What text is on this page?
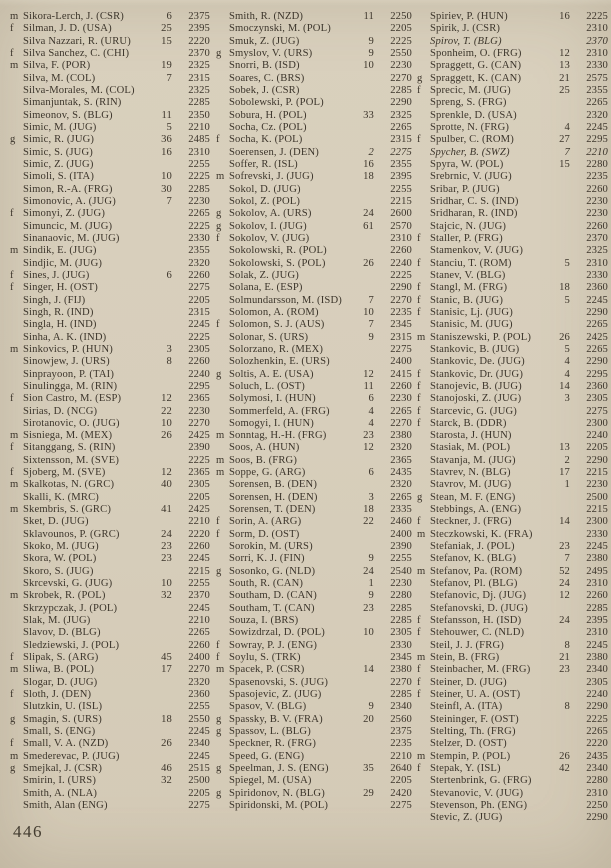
m Sikora-Lerch, J. (CSR)	6	2375
f Silman, J. D. (USA)	25	2395
Silva Nazzari, R. (URU)	15	2220
f Silva Sanchez, C. (CHI)	2370
m Silva, F. (POR)	19	2325
Silva, M. (COL)	7	2315
Silva-Morales, M. (COL)	2325
Simanjuntak, S. (RIN)	2285
Simeonov, S. (BLG)	11	2350
Simic, M. (JUG)	5	2210
g Simic, R. (JUG)	36	2485
Simic, S. (JUG)	16	2310
Simic, Z. (JUG)	2255
Simoli, S. (ITA)	10	2225
Simon, R.-A. (FRG)	30	2285
Simonovic, A. (JUG)	7	2230
f Simonyi, Z. (JUG)	2265
Simuncic, M. (JUG)	2225
Sinanaovic, M. (JUG)	2330
m Sindik, E. (JUG)	2355
Sindjic, M. (JUG)	2320
f Sines, J. (JUG)	6	2260
f Singer, H. (OST)	2275
Singh, J. (FIJ)	2205
Singh, R. (IND)	2315
Singla, H. (IND)	2245
Sinha, A. K. (IND)	2225
m Sinkovics, P. (HUN)	3	2305
Sinowjew, J. (URS)	8	2260
Sinprayoon, P. (TAI)	2240
Sinulingga, M. (RIN)	2295
f Sion Castro, M. (ESP)	12	2365
Sirias, D. (NCG)	22	2230
Sirotanovic, O. (JUG)	10	2270
m Sisniega, M. (MEX)	26	2425
f Sitanggang, S. (RIN)	2390
Sixtensson, M. (SVE)	2225
f Sjoberg, M. (SVE)	12	2365
m Skalkotas, N. (GRC)	40	2305
Skalli, K. (MRC)	2205
m Skembris, S. (GRC)	41	2425
Sket, D. (JUG)	2210
Sklavounos, P. (GRC)	24	2220
Skoko, M. (JUG)	23	2260
Skora, W. (POL)	23	2245
Skoro, S. (JUG)	2215
Skrcevski, G. (JUG)	10	2255
m Skrobek, R. (POL)	32	2370
Skrzypczak, J. (POL)	2245
Slak, M. (JUG)	2210
Slavov, D. (BLG)	2265
Sledziewski, J. (POL)	2260
f Slipak, S. (ARG)	45	2400
m Sliwa, B. (POL)	17	2270
Slogar, D. (JUG)	2320
f Sloth, J. (DEN)	2360
Slutzkin, U. (ISL)	2255
g Smagin, S. (URS)	18	2550
Small, S. (ENG)	2245
f Small, V. A. (NZD)	26	2340
m Smederevac, P. (JUG)	2245
g Smejkal, J. (CSR)	46	2515
Smirin, I. (URS)	32	2500
Smith, A. (NLA)	2205
Smith, Alan (ENG)	2275
Smith, R. (NZD)	11	2250
Smoczynski, M. (POL)	2205
Smuk, Z. (JUG)	9	2225
g Smyslov, V. (URS)	9	2550
Snorri, B. (ISD)	10	2230
Soares, C. (BRS)	2270
Sobek, J. (CSR)	2285
Sobolewski, P. (POL)	2290
Sobura, H. (POL)	33	2325
Socha, Cz. (POL)	2265
f Socha, K. (POL)	2315
Soerensen, J. (DEN)	2	2275
Soffer, R. (ISL)	16	2355
m Sofrevski, J. (JUG)	18	2395
Sokol, D. (JUG)	2255
Sokol, Z. (POL)	2215
g Sokolov, A. (URS)	24	2600
g Sokolov, I. (JUG)	61	2570
f Sokolov, V. (JUG)	2310
Sokolowski, R. (POL)	2260
Sokolowski, S. (POL)	26	2240
Solak, Z. (JUG)	2225
Solana, E. (ESP)	2290
Solmundarsson, M. (ISD)	7	2270
Solomon, A. (ROM)	10	2235
f Solomon, S. J. (AUS)	7	2345
Solonar, S. (URS)	9	2315
Solorzano, R. (MEX)	2275
Solozhenkin, E. (URS)	2400
g Soltis, A. E. (USA)	12	2415
Soluch, L. (OST)	11	2260
Solymosi, I. (HUN)	6	2230
Sommerfeld, A. (FRG)	4	2265
Somogyi, I. (HUN)	4	2270
m Sonntag, H.-H. (FRG)	23	2380
Soos, A. (HUN)	12	2320
m Soos, B. (FRG)	2365
m Soppe, G. (ARG)	6	2435
Sorensen, B. (DEN)	2320
Sorensen, H. (DEN)	3	2265
Sorensen, T. (DEN)	18	2335
f Sorin, A. (ARG)	22	2460
f Sorm, D. (OST)	2400
Sorokin, M. (URS)	2390
Sorri, K. J. (FIN)	9	2255
g Sosonko, G. (NLD)	24	2540
South, R. (CAN)	1	2230
Southam, D. (CAN)	9	2280
Southam, T. (CAN)	23	2285
Souza, I. (BRS)	2285
Sowizdrzal, D. (POL)	10	2305
f Sowray, P. J. (ENG)	2330
f Soylu, S. (TRK)	2345
m Spacek, P. (CSR)	14	2380
Spasenovski, S. (JUG)	2270
Spasojevic, Z. (JUG)	2285
Spasov, V. (BLG)	9	2340
g Spassky, B. V. (FRA)	20	2560
g Spassov, L. (BLG)	2375
Speckner, R. (FRG)	2235
Speed, G. (ENG)	2210
g Speelman, J. S. (ENG)	35	2640
Spiegel, M. (USA)	2205
g Spiridonov, N. (BLG)	29	2420
Spiridonski, M. (POL)	2275
Spiriev, P. (HUN)	16	2225
Spirik, J. (CSR)	2310
Spirov, T. (BLG)	2370
Sponheim, O. (FRG)	12	2310
Spraggett, G. (CAN)	13	2330
g Spraggett, K. (CAN)	21	2575
f Sprecic, M. (JUG)	25	2355
Spreng, S. (FRG)	2265
Sprenkle, D. (USA)	2320
Sprotte, N. (FRG)	4	2245
f Spulber, C. (ROM)	27	2295
Spycher, B. (SWZ)	7	2210
Spyra, W. (POL)	15	2280
Srebrnic, V. (JUG)	2235
Sribar, P. (JUG)	2260
Sridhar, C. S. (IND)	2230
Sridharan, R. (IND)	2230
Stajcic, N. (JUG)	2260
f Staller, P. (FRG)	2370
Stamenkov, V. (JUG)	2325
f Stanciu, T. (ROM)	5	2310
Stanev, V. (BLG)	2330
f Stangl, M. (FRG)	18	2360
f Stanic, B. (JUG)	5	2245
f Stanisic, Lj. (JUG)	2290
Stanisic, M. (JUG)	2265
m Staniszewski, P. (POL)	26	2425
Stankovic, B. (JUG)	5	2265
Stankovic, De. (JUG)	4	2290
f Stankovic, Dr. (JUG)	4	2295
f Stanojevic, B. (JUG)	14	2360
f Stanojoski, Z. (JUG)	3	2305
f Starcevic, G. (JUG)	2275
f Starck, B. (DDR)	2300
Starosta, J. (HUN)	2240
Stasiak, M. (POL)	13	2205
Stavanja, M. (JUG)	2	2290
Stavrev, N. (BLG)	17	2215
Stavrov, M. (JUG)	1	2230
g Stean, M. F. (ENG)	2500
Stebbings, A. (ENG)	2215
f Steckner, J. (FRG)	14	2300
m Steczkowski, K. (FRA)	2330
Stefaniak, J. (POL)	23	2245
Stefanov, K. (BLG)	7	2380
m Stefanov, Pa. (ROM)	52	2495
Stefanov, Pl. (BLG)	24	2310
Stefanovic, Dj. (JUG)	12	2260
Stefanovski, D. (JUG)	2285
f Stefansson, H. (ISD)	24	2395
f Stehouwer, C. (NLD)	2310
Steil, J. J. (FRG)	8	2245
m Stein, B. (FRG)	21	2380
f Steinbacher, M. (FRG)	23	2340
f Steiner, D. (JUG)	2305
f Steiner, U. A. (OST)	2240
Steinfl, A. (ITA)	8	2290
Steininger, F. (OST)	2225
Stelting, Th. (FRG)	2265
Stelzer, D. (OST)	2220
m Stempin, P. (POL)	26	2435
f Stepak, Y. (ISL)	42	2340
Stertenbrink, G. (FRG)	2280
Stevanovic, V. (JUG)	2310
Stevenson, Ph. (ENG)	2250
Stevic, Z. (JUG)	2290
446
